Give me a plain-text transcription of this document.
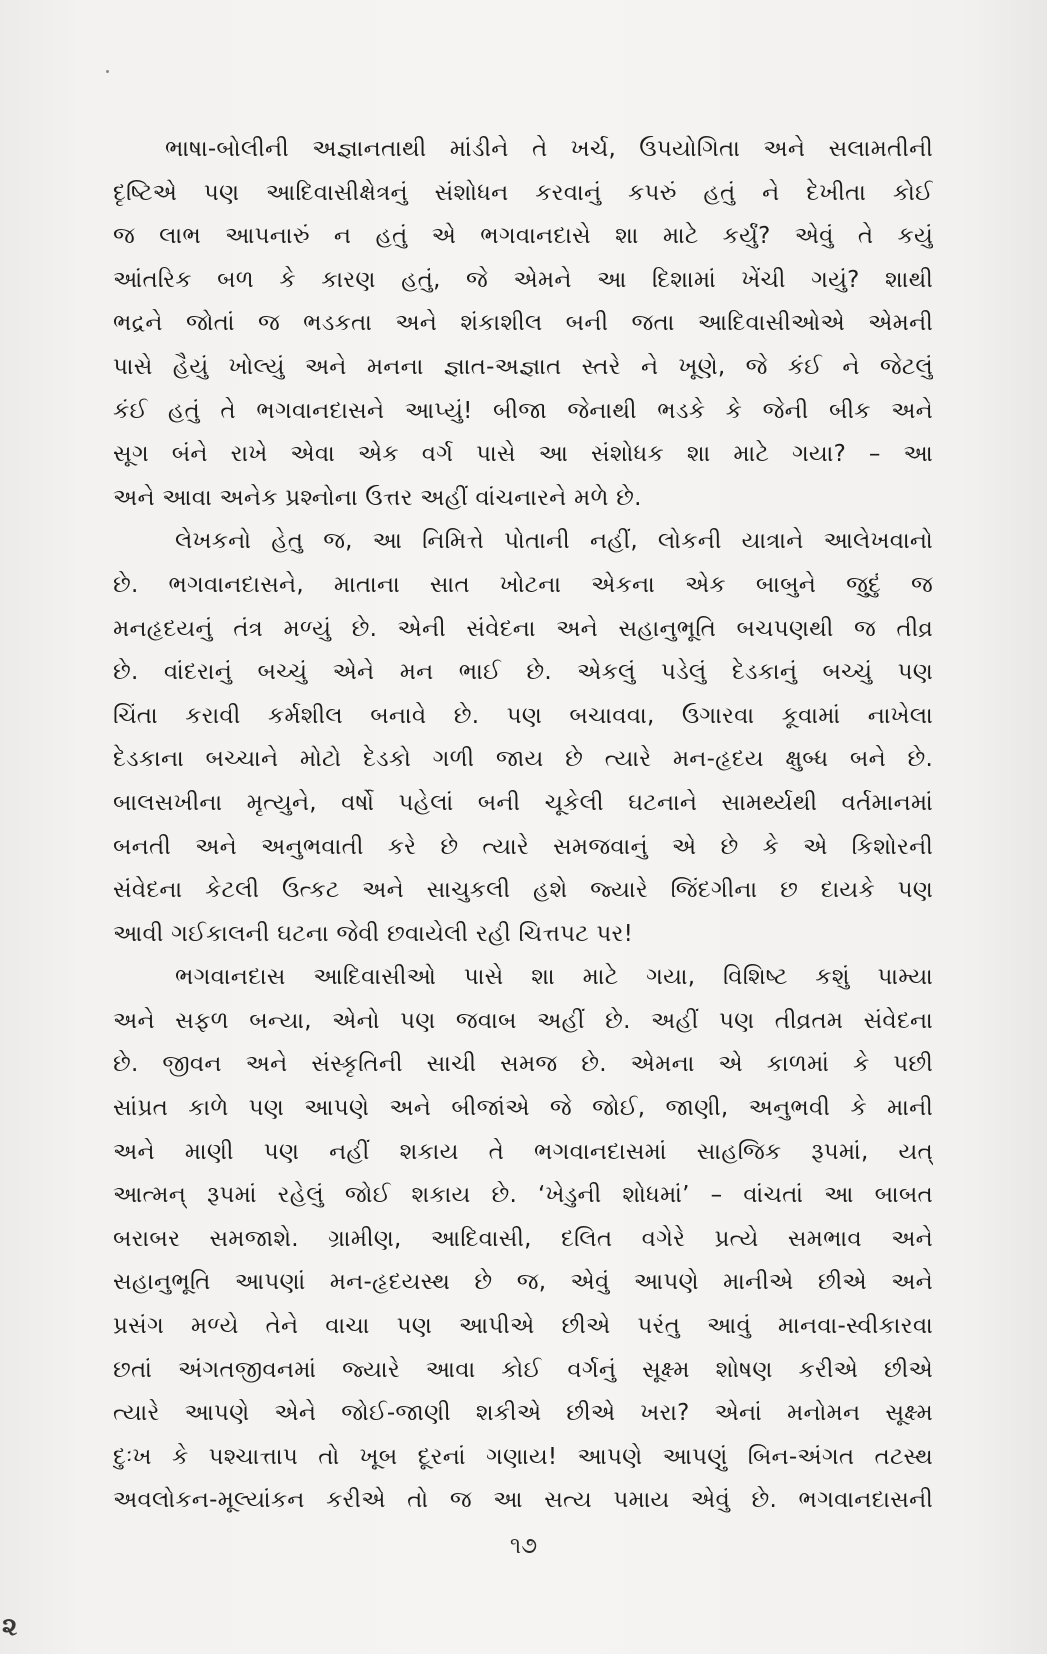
ભાષા-બોલીની અજ્ઞાનતાથી માંડીને તે ખર્ચ, ઉપયોગિતા અને સલામતીની
દૃષ્ટિએ પણ આદિવાસીક્ષેત્રનું સંશોધન કરવાનું કપરું હતું ને દેખીતા કોઈ
જ લાભ આપનારું ન હતું એ ભગવાનદાસે શા માટે કર્યું? એવું તે કયું
આંતરિક બળ કે કારણ હતું, જે એમને આ દિશામાં ખેંચી ગયું? શાથી
ભદ્રને જોતાં જ ભડકતા અને શંકાશીલ બની જતા આદિવાસીઓએ એમની
પાસે હૈયું ખોલ્યું અને મનના જ્ઞાત-અજ્ઞાત સ્તરે ને ખૂણે, જે કંઈ ને જેટલું
કંઈ હતું તે ભગવાનદાસને આપ્યું! બીજા જેનાથી ભડકે કે જેની બીક અને
સૂગ બંને રાખે એવા એક વર્ગ પાસે આ સંશોધક શા માટે ગયા? – આ
અને આવા અનેક પ્રશ્નોના ઉત્તર અહીં વાંચનારને મળે છે.
લેખકનો હેતુ જ, આ નિમિત્તે પોતાની નહીં, લોકની યાત્રાને આલેખવાનો
છે. ભગવાનદાસને, માતાના સાત ખોટના એકના એક બાબુને જુદું જ
મનહૃદયનું તંત્ર મળ્યું છે. એની સંવેદના અને સહાનુભૂતિ બચપણથી જ તીવ્ર
છે. વાંદરાનું બચ્ચું એને મન ભાઈ છે. એકલું પડેલું દેડકાનું બચ્ચું પણ
ચિંતા કરાવી કર્મશીલ બનાવે છે. પણ બચાવવા, ઉગારવા કૂવામાં નાખેલા
દેડકાના બચ્ચાને મોટો દેડકો ગળી જાય છે ત્યારે મન-હૃદય ક્ષુબ્ધ બને છે.
બાલસખીના મૃત્યુને, વર્ષો પહેલાં બની ચૂકેલી ઘટનાને સામર્થ્યથી વર્તમાનમાં
બનતી અને અનુભવાતી કરે છે ત્યારે સમજવાનું એ છે કે એ કિશોરની
સંવેદના કેટલી ઉત્કટ અને સાચુકલી હશે જ્યારે જિંદગીના છ દાયકે પણ
આવી ગઈકાલની ઘટના જેવી છવાયેલી રહી ચિત્તપટ પર!
ભગવાનદાસ આદિવાસીઓ પાસે શા માટે ગયા, વિશિષ્ટ કશું પામ્યા
અને સફળ બન્યા, એનો પણ જવાબ અહીં છે. અહીં પણ તીવ્રતમ સંવેદના
છે. જીવન અને સંસ્કૃતિની સાચી સમજ છે. એમના એ કાળમાં કે પછી
સાંપ્રત કાળે પણ આપણે અને બીજાંએ જે જોઈ, જાણી, અનુભવી કે માની
અને માણી પણ નહીં શકાય તે ભગવાનદાસમાં સાહજિક રૂપમાં, યત્
આત્મન્ રૂપમાં રહેલું જોઈ શકાય છે. ‘ખેડુની શોધમાં’ – વાંચતાં આ બાબત
બરાબર સમજાશે. ગ્રામીણ, આદિવાસી, દલિત વગેરે પ્રત્યે સમભાવ અને
સહાનુભૂતિ આપણાં મન-હૃદયસ્થ છે જ, એવું આપણે માનીએ છીએ અને
પ્રસંગ મળ્યે તેને વાચા પણ આપીએ છીએ પરંતુ આવું માનવા-સ્વીકારવા
છતાં અંગતજીવનમાં જ્યારે આવા કોઈ વર્ગનું સૂક્ષ્મ શોષણ કરીએ છીએ
ત્યારે આપણે એને જોઈ-જાણી શકીએ છીએ ખરા? એનાં મનોમન સૂક્ષ્મ
દુઃખ કે પશ્ચાત્તાપ તો ખૂબ દૂરનાં ગણાય! આપણે આપણું બિન-અંગત તટસ્થ
અવલોકન-મૂલ્યાંકન કરીએ તો જ આ સત્ય પમાય એવું છે. ભગવાનદાસની
૧૭
૨
